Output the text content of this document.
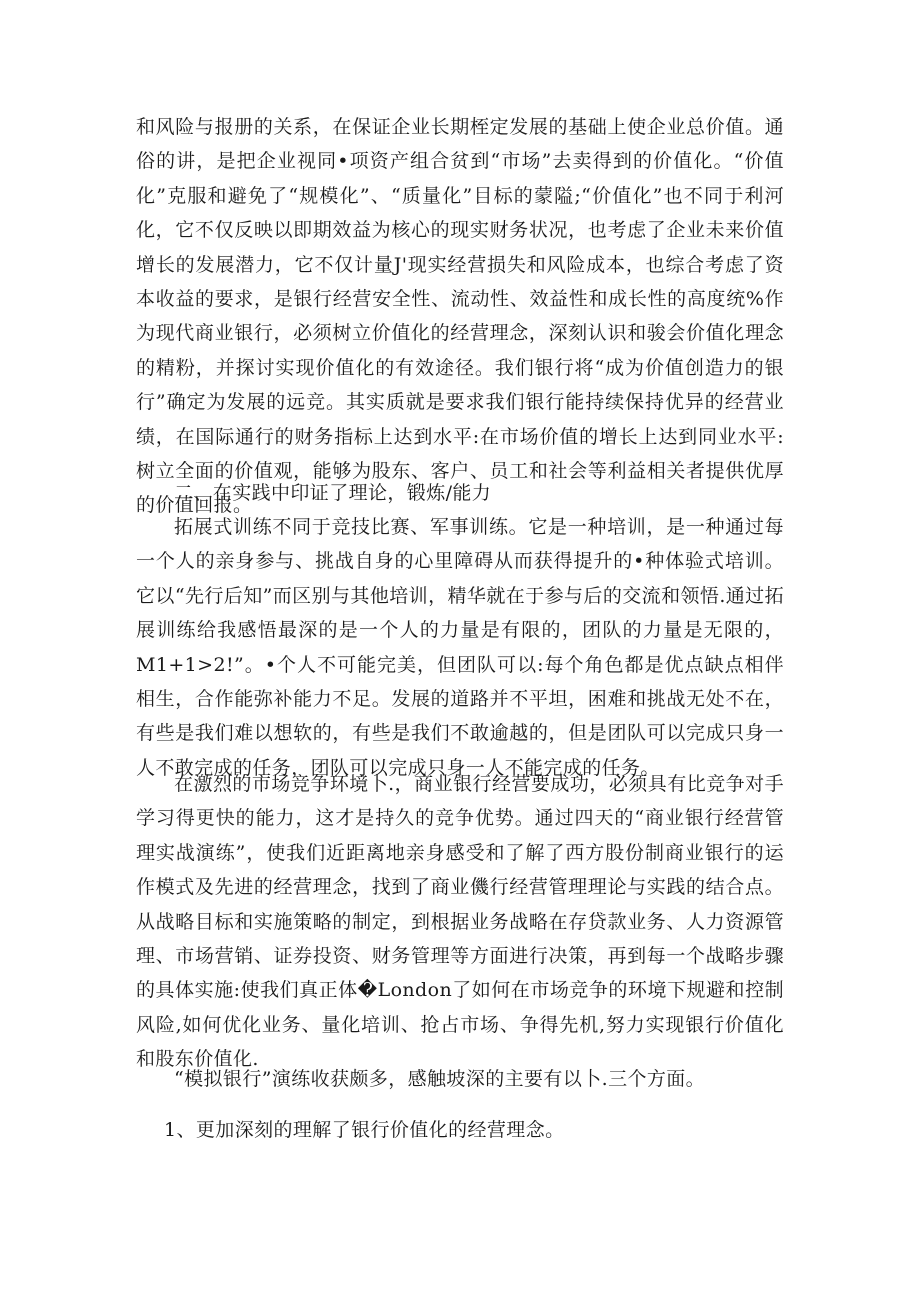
和风险与报册的关系，在保证企业长期桎定发展的基础上使企业总价值。通俗的讲，是把企业视同•项资产组合贫到“市场”去卖得到的价值化。“价值化”克服和避免了“规模化”、“质量化”目标的蒙隘;“价值化”也不同于利河化，它不仅反映以即期效益为核心的现实财务状况，也考虑了企业未来价值增长的发展潜力，它不仅计量J'现实经营损失和风险成本，也综合考虑了资本收益的要求，是银行经营安全性、流动性、效益性和成长性的高度统%作为现代商业银行，必须树立价值化的经营理念，深刻认识和骏会价值化理念的精粉，并探讨实现价值化的有效途径。我们银行将“成为价值创造力的银行”确定为发展的远竞。其实质就是要求我们银行能持续保持优异的经营业绩，在国际通行的财务指标上达到水平:在市场价值的增长上达到同业水平:树立全面的价值观，能够为股东、客户、员工和社会等利益相关者提供优厚的价值回报。
二、在实践中印证了理论，锻炼/能力
拓展式训练不同于竞技比赛、军事训练。它是一种培训，是一种通过每一个人的亲身参与、挑战自身的心里障碍从而获得提升的•种体验式培训。它以“先行后知”而区别与其他培训，精华就在于参与后的交流和领悟.通过拓展训练给我感悟最深的是一个人的力量是有限的，团队的力量是无限的，M1+1>2!”。•个人不可能完美，但团队可以:每个角色都是优点缺点相伴相生，合作能弥补能力不足。发展的道路并不平坦，困难和挑战无处不在，有些是我们难以想软的，有些是我们不敢逾越的，但是团队可以完成只身一人不敢完成的任务，团队可以完成只身一人不能完成的任务。
在激烈的市场竞争环境卜.，商业银行经营要成功，必须具有比竞争对手学习得更快的能力，这才是持久的竞争优势。通过四天的“商业银行经营管理实战演练”，使我们近距离地亲身感受和了解了西方股份制商业银行的运作模式及先进的经营理念，找到了商业僟行经营管理理论与实践的结合点。从战略目标和实施策略的制定，到根据业务战略在存贷款业务、人力资源管理、市场营销、证券投资、财务管理等方面进行决策，再到每一个战略步骤的具体实施:使我们真正体�London了如何在市场竞争的环境下规避和控制风险,如何优化业务、量化培训、抢占市场、争得先机,努力实现银行价值化和股东价值化.
“模拟银行”演练收获颇多，感触坡深的主要有以卜.三个方面。
1、更加深刻的理解了银行价值化的经营理念。
